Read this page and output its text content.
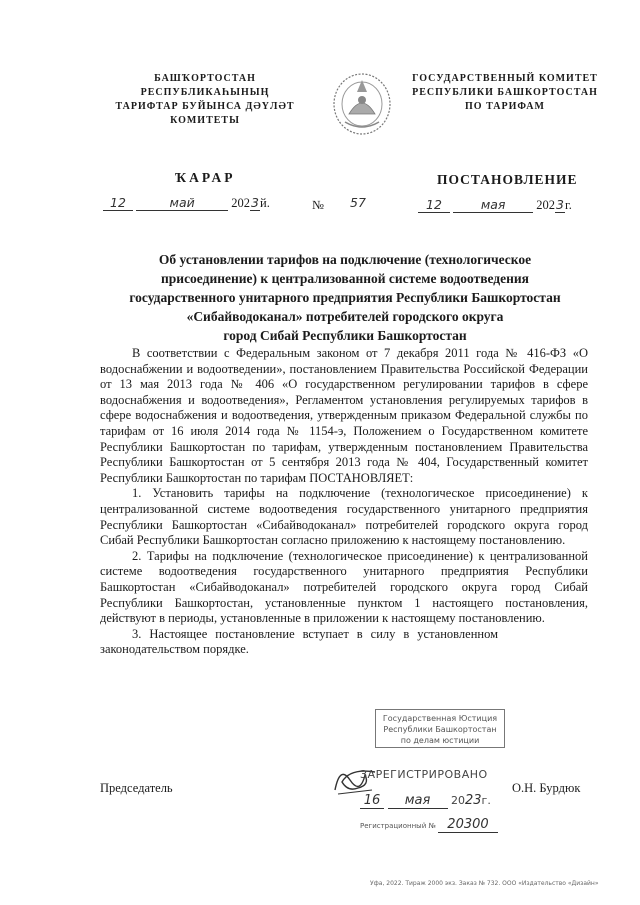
БАШҠОРТОСТАН РЕСПУБЛИКАҺЫНЫҢ
ТАРИФТАР БУЙЫНСА ДӘҮЛӘТ
КОМИТЕТЫ
ГОСУДАРСТВЕННЫЙ КОМИТЕТ
РЕСПУБЛИКИ БАШКОРТОСТАН
ПО ТАРИФАМ
ҠАРАР	ПОСТАНОВЛЕНИЕ
12	май	2023й.	№ 57	12	мая 2023г.
Об установлении тарифов на подключение (технологическое
присоединение) к централизованной системе водоотведения
государственного унитарного предприятия Республики Башкортостан
«Сибайводоканал» потребителей городского округа
город Сибай Республики Башкортостан

В соответствии с Федеральным законом от 7 декабря 2011 года № 416-ФЗ «О водоснабжении и водоотведении», постановлением Правительства Российской Федерации от 13 мая 2013 года № 406 «О государственном регулировании тарифов в сфере водоснабжения и водоотведения», Регламентом установления регулируемых тарифов в сфере водоснабжения и водоотведения, утвержденным приказом Федеральной службы по тарифам от 16 июля 2014 года № 1154-э, Положением о Государственном комитете Республики Башкортостан по тарифам, утвержденным постановлением Правительства Республики Башкортостан от 5 сентября 2013 года № 404, Государственный комитет Республики Башкортостан по тарифам ПОСТАНОВЛЯЕТ:

1. Установить тарифы на подключение (технологическое присоединение) к централизованной системе водоотведения государственного унитарного предприятия Республики Башкортостан «Сибайводоканал» потребителей городского округа город Сибай Республики Башкортостан согласно приложению к настоящему постановлению.

2. Тарифы на подключение (технологическое присоединение) к централизованной системе водоотведения государственного унитарного предприятия Республики Башкортостан «Сибайводоканал» потребителей городского округа город Сибай Республики Башкортостан, установленные пунктом 1 настоящего постановления, действуют в периоды, установленные в приложении к настоящему постановлению.

3. Настоящее постановление вступает в силу в установленном законодательством порядке.

Государственная Юстиция
Республики Башкортостан
по делам юстиции
Председатель
ЗАРЕГИСТРИРОВАНО
16 мая 2023г.
Регистрационный № 20300
О.Н. Бурдюк
Уфа, 2022. Тираж 2000 экз. Заказ № 732. ООО «Издательство «Дизайн»
